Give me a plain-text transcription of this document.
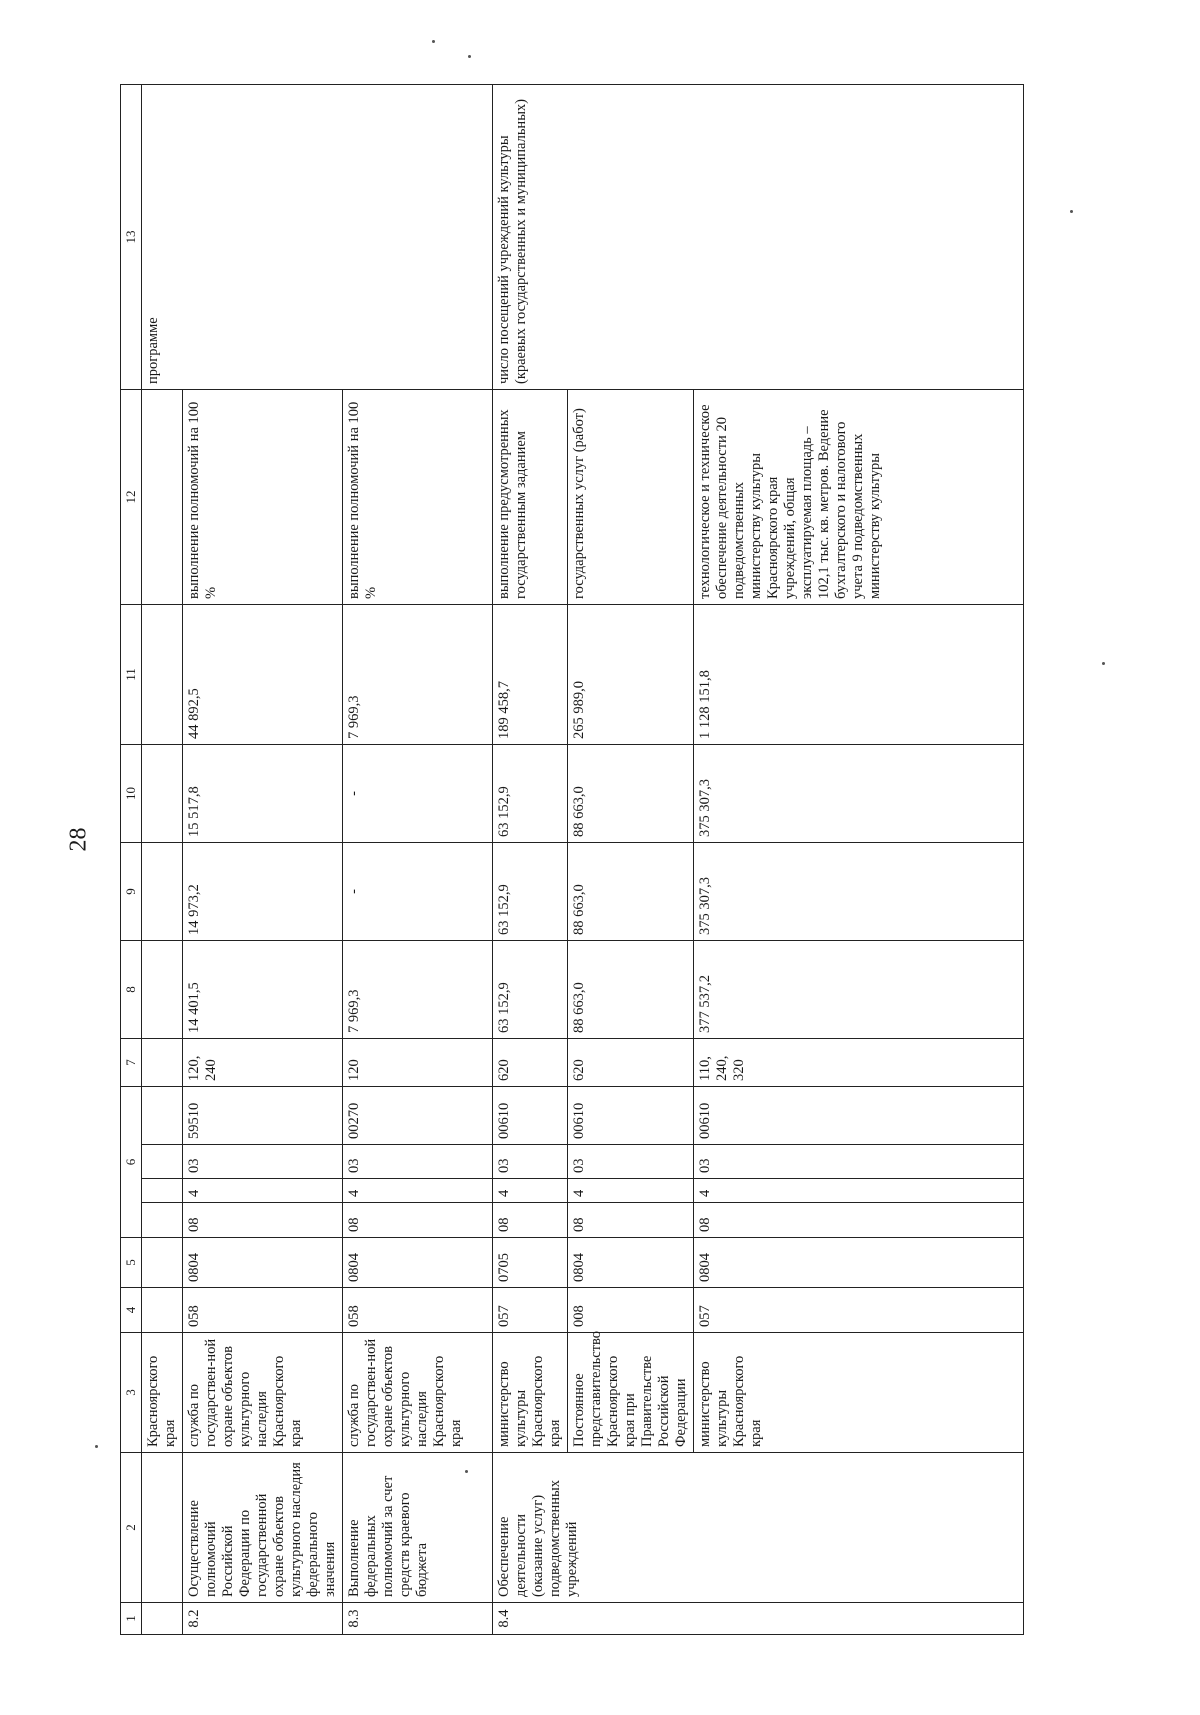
28
1	2	3	4	5	6				7	8	9	10	11	12	13
		Красноярского края													программе
8.2	Осуществление полномочий Российской Федерации по государственной охране объектов культурного наследия федерального значения	служба по государствен-ной охране объектов культурного наследия Красноярского края	058	0804	08	4	03	59510	120, 240	14 401,5	14 973,2	15 517,8	44 892,5	выполнение полномочий на 100 %	
8.3	Выполнение федеральных полномочий за счет средств краевого бюджета	служба по государствен-ной охране объектов культурного наследия Красноярского края	058	0804	08	4	03	00270	120	7 969,3	-	-	7 969,3	выполнение полномочий на 100 %	
8.4	Обеспечение деятельности (оказание услуг) подведомственных учреждений	министерство культуры Красноярского края	057	0705	08	4	03	00610	620	63 152,9	63 152,9	63 152,9	189 458,7	выполнение предусмотренных государственным заданием	число посещений учреждений культуры (краевых государственных и муниципальных)
		Постоянное представительство Красноярского края при Правительстве Российской Федерации	008	0804	08	4	03	00610	620	88 663,0	88 663,0	88 663,0	265 989,0	государственных услуг (работ)	
		министерство культуры Красноярского края	057	0804	08	4	03	00610	110, 240, 320	377 537,2	375 307,3	375 307,3	1 128 151,8	технологическое и техническое обеспечение деятельности 20 подведомственных министерству культуры Красноярского края учреждений, общая эксплуатируемая площадь – 102,1 тыс. кв. метров. Ведение бухгалтерского и налогового учета 9 подведомственных министерству культуры	
